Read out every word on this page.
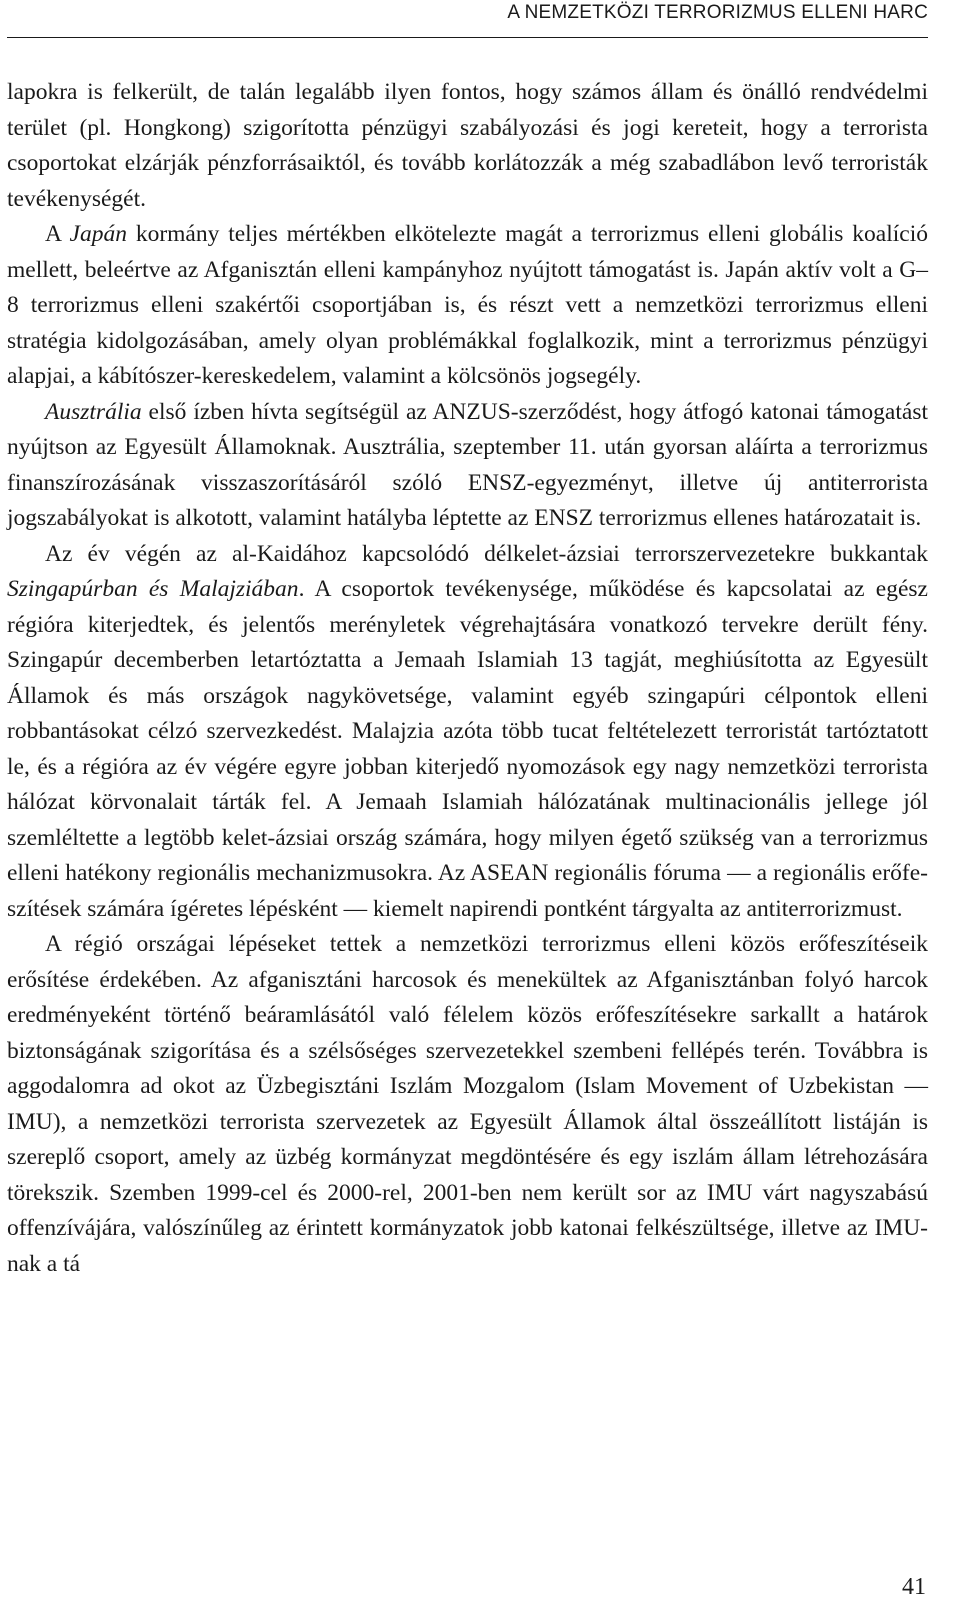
A NEMZETKÖZI TERRORIZMUS ELLENI HARC

lapokra is felkerült, de talán legalább ilyen fontos, hogy számos állam és önálló rendvédelmi terület (pl. Hongkong) szigorította pénzügyi szabályozási és jogi kereteit, hogy a terrorista csoportokat elzárják pénzforrásaiktól, és tovább korlátozzák a még szabadlábon levő terroristák tevékenységét.

A Japán kormány teljes mértékben elkötelezte magát a terrorizmus elleni globális koalíció mellett, beleértve az Afganisztán elleni kampányhoz nyújtott támogatást is. Japán aktív volt a G–8 terrorizmus elleni szakértői csoportjában is, és részt vett a nemzetközi terrorizmus elleni stratégia kidolgozásában, amely olyan problémákkal foglalkozik, mint a terrorizmus pénzügyi alapjai, a kábítószer-kereskedelem, valamint a kölcsönös jogsegély.

Ausztrália első ízben hívta segítségül az ANZUS-szerződést, hogy átfogó katonai támogatást nyújtson az Egyesült Államoknak. Ausztrália, szeptember 11. után gyorsan aláírta a terrorizmus finanszírozásának visszaszorításáról szóló ENSZ-egyezményt, illetve új antiterrorista jogszabályokat is alkotott, valamint hatályba léptette az ENSZ terrorizmus ellenes határozatait is.

Az év végén az al-Kaidához kapcsolódó délkelet-ázsiai terrorszervezetekre bukkantak Szingapúrban és Malajziában. A csoportok tevékenysége, működése és kapcsolatai az egész régióra kiterjedtek, és jelentős merényletek végrehajtására vonatkozó tervekre derült fény. Szingapúr decemberben letartóztatta a Jemaah Islamiah 13 tagját, meghiúsította az Egyesült Államok és más országok nagykövetsége, valamint egyéb szingapúri célpontok elleni robbantásokat célzó szervezkedést. Malajzia azóta több tucat feltételezett terroristát tartóztatott le, és a régióra az év végére egyre jobban kiterjedő nyomozások egy nagy nemzetközi terrorista hálózat körvonalait tárták fel. A Jemaah Islamiah hálózatának multinacionális jellege jól szemléltette a legtöbb kelet-ázsiai ország számára, hogy milyen égető szükség van a terrorizmus elleni hatékony regionális mechanizmusokra. Az ASEAN regionális fóruma — a regionális erőfeszítések számára ígéretes lépésként — kiemelt napirendi pontként tárgyalta az antiterrorizmust.

A régió országai lépéseket tettek a nemzetközi terrorizmus elleni közös erőfeszítéseik erősítése érdekében. Az afganisztáni harcosok és menekültek az Afganisztánban folyó harcok eredményeként történő beáramlásától való félelem közös erőfeszítésekre sarkallt a határok biztonságának szigorítása és a szélsőséges szervezetekkel szembeni fellépés terén. Továbbra is aggodalomra ad okot az Üzbegisztáni Iszlám Mozgalom (Islam Movement of Uzbekistan — IMU), a nemzetközi terrorista szervezetek az Egyesült Államok által összeállított listáján is szereplő csoport, amely az üzbég kormányzat megdöntésére és egy iszlám állam létrehozására törekszik. Szemben 1999-cel és 2000-rel, 2001-ben nem került sor az IMU várt nagyszabású offenzívájára, valószínűleg az érintett kormányzatok jobb katonai felkészültsége, illetve az IMU-nak a tá

41
